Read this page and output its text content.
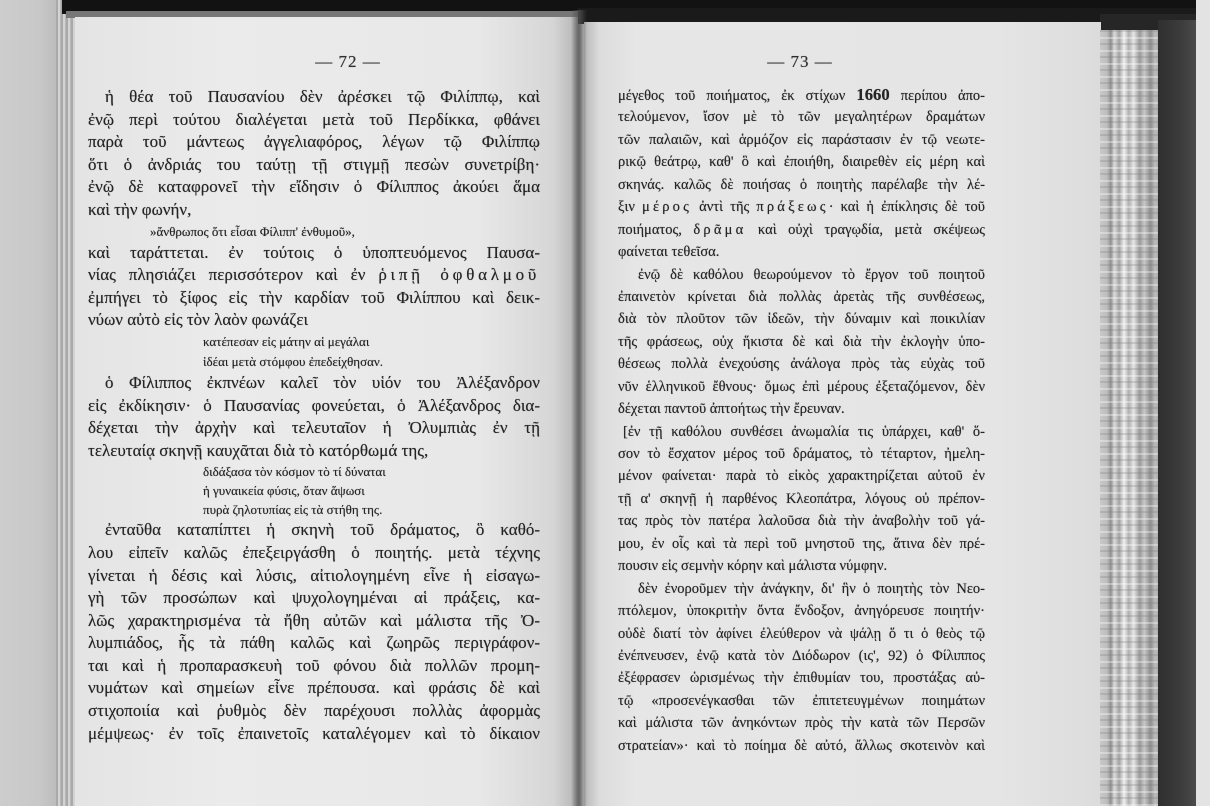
— 72 —
ἡ θέα τοῦ Παυσανίου δὲν ἀρέσκει τῷ Φιλίππῳ, καὶ
ἐνῷ περὶ τούτου διαλέγεται μετὰ τοῦ Περδίκκα, φθάνει
παρὰ τοῦ μάντεως ἀγγελιαφόρος, λέγων τῷ Φιλίππῳ
ὅτι ὁ ἀνδριάς του ταύτῃ τῇ στιγμῇ πεσὼν συνετρίβη·
ἐνῷ δὲ καταφρονεῖ τὴν εἴδησιν ὁ Φίλιππος ἀκούει ἅμα
καὶ τὴν φωνήν,
»ἄνθρωπος ὅτι εἶσαι Φίλιππ' ἐνθυμοῦ»,
καὶ ταράττεται. ἐν τούτοις ὁ ὑποπτευόμενος Παυσα-
νίας πλησιάζει περισσότερον καὶ ἐν ῥιπῇ ὀφθαλμοῦ
ἐμπήγει τὸ ξίφος εἰς τὴν καρδίαν τοῦ Φιλίππου καὶ δεικ-
νύων αὐτὸ εἰς τὸν λαὸν φωνάζει
κατέπεσαν εἰς μάτην αἱ μεγάλαι
ἰδέαι μετὰ στόμφου ἐπεδείχθησαν.
ὁ Φίλιππος ἐκπνέων καλεῖ τὸν υἱόν του Ἀλέξανδρον
εἰς ἐκδίκησιν· ὁ Παυσανίας φονεύεται, ὁ Ἀλέξανδρος δια-
δέχεται τὴν ἀρχὴν καὶ τελευταῖον ἡ Ὀλυμπιὰς ἐν τῇ
τελευταίᾳ σκηνῇ καυχᾶται διὰ τὸ κατόρθωμά της,
διδάξασα τὸν κόσμον τὸ τί δύναται
ἡ γυναικεία φύσις, ὅταν ἅψωσι
πυρὰ ζηλοτυπίας εἰς τὰ στήθη της.
ἐνταῦθα καταπίπτει ἡ σκηνὴ τοῦ δράματος, ὃ καθό-
λου εἰπεῖν καλῶς ἐπεξειργάσθη ὁ ποιητής. μετὰ τέχνης
γίνεται ἡ δέσις καὶ λύσις, αἰτιολογημένη εἶνε ἡ εἰσαγω-
γὴ τῶν προσώπων καὶ ψυχολογημέναι αἱ πράξεις, κα-
λῶς χαρακτηρισμένα τὰ ἤθη αὐτῶν καὶ μάλιστα τῆς Ὀ-
λυμπιάδος, ἧς τὰ πάθη καλῶς καὶ ζωηρῶς περιγράφον-
ται καὶ ἡ προπαρασκευὴ τοῦ φόνου διὰ πολλῶν προμη-
νυμάτων καὶ σημείων εἶνε πρέπουσα. καὶ φράσις δὲ καὶ
στιχοποιία καὶ ῥυθμὸς δὲν παρέχουσι πολλὰς ἀφορμὰς
μέμψεως· ἐν τοῖς ἐπαινετοῖς καταλέγομεν καὶ τὸ δίκαιον
— 73 —
μέγεθος τοῦ ποιήματος, ἐκ στίχων 1660 περίπου ἀπο-
τελούμενον, ἴσον μὲ τὸ τῶν μεγαλητέρων δραμάτων
τῶν παλαιῶν, καὶ ἁρμόζον εἰς παράστασιν ἐν τῷ νεωτε-
ρικῷ θεάτρῳ, καθ' ὃ καὶ ἐποιήθη, διαιρεθὲν εἰς μέρη καὶ
σκηνάς. καλῶς δὲ ποιήσας ὁ ποιητὴς παρέλαβε τὴν λέ-
ξιν μέρος ἀντὶ τῆς πράξεως· καὶ ἡ ἐπίκλησις δὲ τοῦ
ποιήματος, δρᾶμα καὶ οὐχὶ τραγῳδία, μετὰ σκέψεως
φαίνεται τεθεῖσα.
ἐνῷ δὲ καθόλου θεωρούμενον τὸ ἔργον τοῦ ποιητοῦ
ἐπαινετὸν κρίνεται διὰ πολλὰς ἀρετὰς τῆς συνθέσεως,
διὰ τὸν πλοῦτον τῶν ἰδεῶν, τὴν δύναμιν καὶ ποικιλίαν
τῆς φράσεως, οὐχ ἥκιστα δὲ καὶ διὰ τὴν ἐκλογὴν ὑπο-
θέσεως πολλὰ ἐνεχούσης ἀνάλογα πρὸς τὰς εὐχὰς τοῦ
νῦν ἑλληνικοῦ ἔθνους· ὅμως ἐπὶ μέρους ἐξεταζόμενον, δὲν
δέχεται παντοῦ ἀπτοήτως τὴν ἔρευναν.
[ἐν τῇ καθόλου συνθέσει ἀνωμαλία τις ὑπάρχει, καθ' ὅ-
σον τὸ ἔσχατον μέρος τοῦ δράματος, τὸ τέταρτον, ἠμελη-
μένον φαίνεται· παρὰ τὸ εἰκὸς χαρακτηρίζεται αὐτοῦ ἐν
τῇ α' σκηνῇ ἡ παρθένος Κλεοπάτρα, λόγους οὐ πρέπον-
τας πρὸς τὸν πατέρα λαλοῦσα διὰ τὴν ἀναβολὴν τοῦ γά-
μου, ἐν οἷς καὶ τὰ περὶ τοῦ μνηστοῦ της, ἅτινα δὲν πρέ-
πουσιν εἰς σεμνὴν κόρην καὶ μάλιστα νύμφην.
δὲν ἐνοροῦμεν τὴν ἀνάγκην, δι' ἣν ὁ ποιητὴς τὸν Νεο-
πτόλεμον, ὑποκριτὴν ὄντα ἔνδοξον, ἀνηγόρευσε ποιητήν·
οὐδὲ διατί τὸν ἀφίνει ἐλεύθερον νὰ ψάλῃ ὅ τι ὁ θεὸς τῷ
ἐνέπνευσεν, ἐνῷ κατὰ τὸν Διόδωρον (ις', 92) ὁ Φίλιππος
ἐξέφρασεν ὡρισμένως τὴν ἐπιθυμίαν του, προστάξας αὐ-
τῷ «προσενέγκασθαι τῶν ἐπιτετευγμένων ποιημάτων
καὶ μάλιστα τῶν ἀνηκόντων πρὸς τὴν κατὰ τῶν Περσῶν
στρατείαν»· καὶ τὸ ποίημα δὲ αὐτό, ἄλλως σκοτεινὸν καὶ
